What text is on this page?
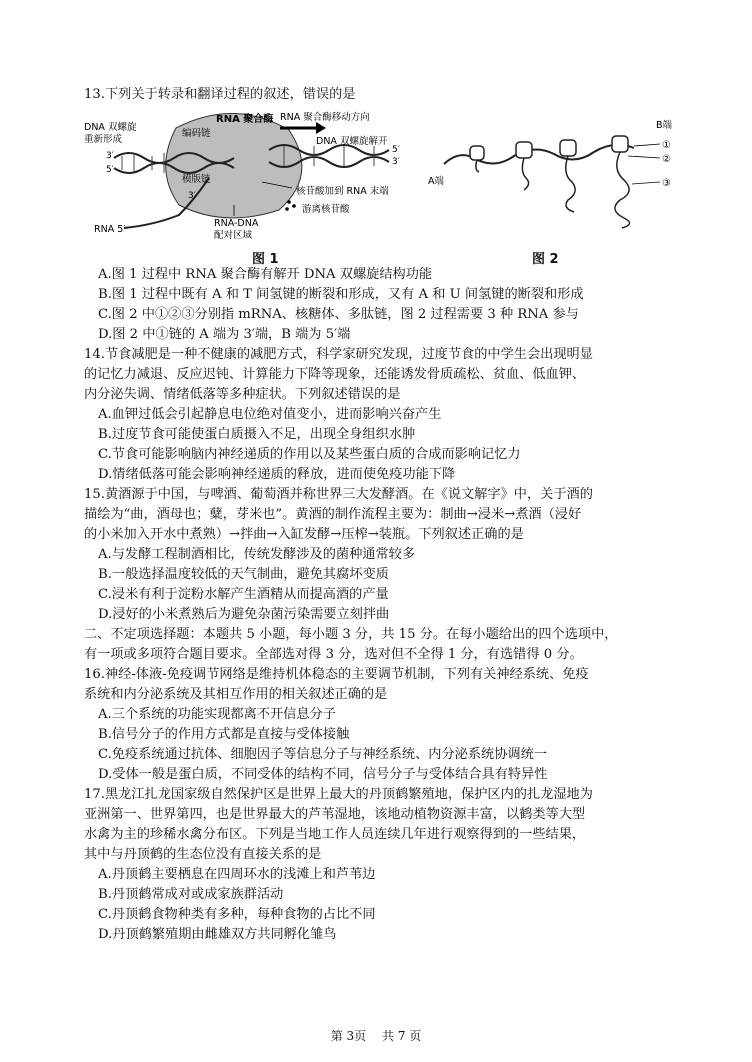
13.下列关于转录和翻译过程的叙述，错误的是
DNA 双螺旋
重新形成
编码链
模版链
RNA 聚合酶 RNA 聚合酶移动方向
DNA 双螺旋解开
核苷酸加到 RNA 末端
游离核苷酸
RNA 5′
RNA-DNA
配对区域
3′
5′
5′
3′
3′
A端
B端
①
②
③
图 1	图 2
A.图 1 过程中 RNA 聚合酶有解开 DNA 双螺旋结构功能
B.图 1 过程中既有 A 和 T 间氢键的断裂和形成，又有 A 和 U 间氢键的断裂和形成
C.图 2 中①②③分别指 mRNA、核糖体、多肽链，图 2 过程需要 3 种 RNA 参与
D.图 2 中①链的 A 端为 3′端，B 端为 5′端
14.节食减肥是一种不健康的减肥方式，科学家研究发现，过度节食的中学生会出现明显
的记忆力减退、反应迟钝、计算能力下降等现象，还能诱发骨质疏松、贫血、低血钾、
内分泌失调、情绪低落等多种症状。下列叙述错误的是
A.血钾过低会引起静息电位绝对值变小，进而影响兴奋产生
B.过度节食可能使蛋白质摄入不足，出现全身组织水肿
C.节食可能影响脑内神经递质的作用以及某些蛋白质的合成而影响记忆力
D.情绪低落可能会影响神经递质的释放，进而使免疫功能下降
15.黄酒源于中国，与啤酒、葡萄酒并称世界三大发酵酒。在《说文解字》中，关于酒的
描绘为“曲，酒母也；糵，芽米也”。黄酒的制作流程主要为：制曲→浸米→煮酒（浸好
的小米加入开水中煮熟）→拌曲→入缸发酵→压榨→装瓶。下列叙述正确的是
A.与发酵工程制酒相比，传统发酵涉及的菌种通常较多
B.一般选择温度较低的天气制曲，避免其腐坏变质
C.浸米有利于淀粉水解产生酒精从而提高酒的产量
D.浸好的小米煮熟后为避免杂菌污染需要立刻拌曲
二、不定项选择题：本题共 5 小题，每小题 3 分，共 15 分。在每小题给出的四个选项中，
有一项或多项符合题目要求。全部选对得 3 分，选对但不全得 1 分，有选错得 0 分。
16.神经-体液-免疫调节网络是维持机体稳态的主要调节机制，下列有关神经系统、免疫
系统和内分泌系统及其相互作用的相关叙述正确的是
A.三个系统的功能实现都离不开信息分子
B.信号分子的作用方式都是直接与受体接触
C.免疫系统通过抗体、细胞因子等信息分子与神经系统、内分泌系统协调统一
D.受体一般是蛋白质，不同受体的结构不同，信号分子与受体结合具有特异性
17.黑龙江扎龙国家级自然保护区是世界上最大的丹顶鹤繁殖地，保护区内的扎龙湿地为
亚洲第一、世界第四，也是世界最大的芦苇湿地，该地动植物资源丰富，以鹤类等大型
水禽为主的珍稀水禽分布区。下列是当地工作人员连续几年进行观察得到的一些结果，
其中与丹顶鹤的生态位没有直接关系的是
A.丹顶鹤主要栖息在四周环水的浅滩上和芦苇边
B.丹顶鹤常成对或成家族群活动
C.丹顶鹤食物种类有多种，每种食物的占比不同
D.丹顶鹤繁殖期由雌雄双方共同孵化雏鸟
第 3页 共 7 页
